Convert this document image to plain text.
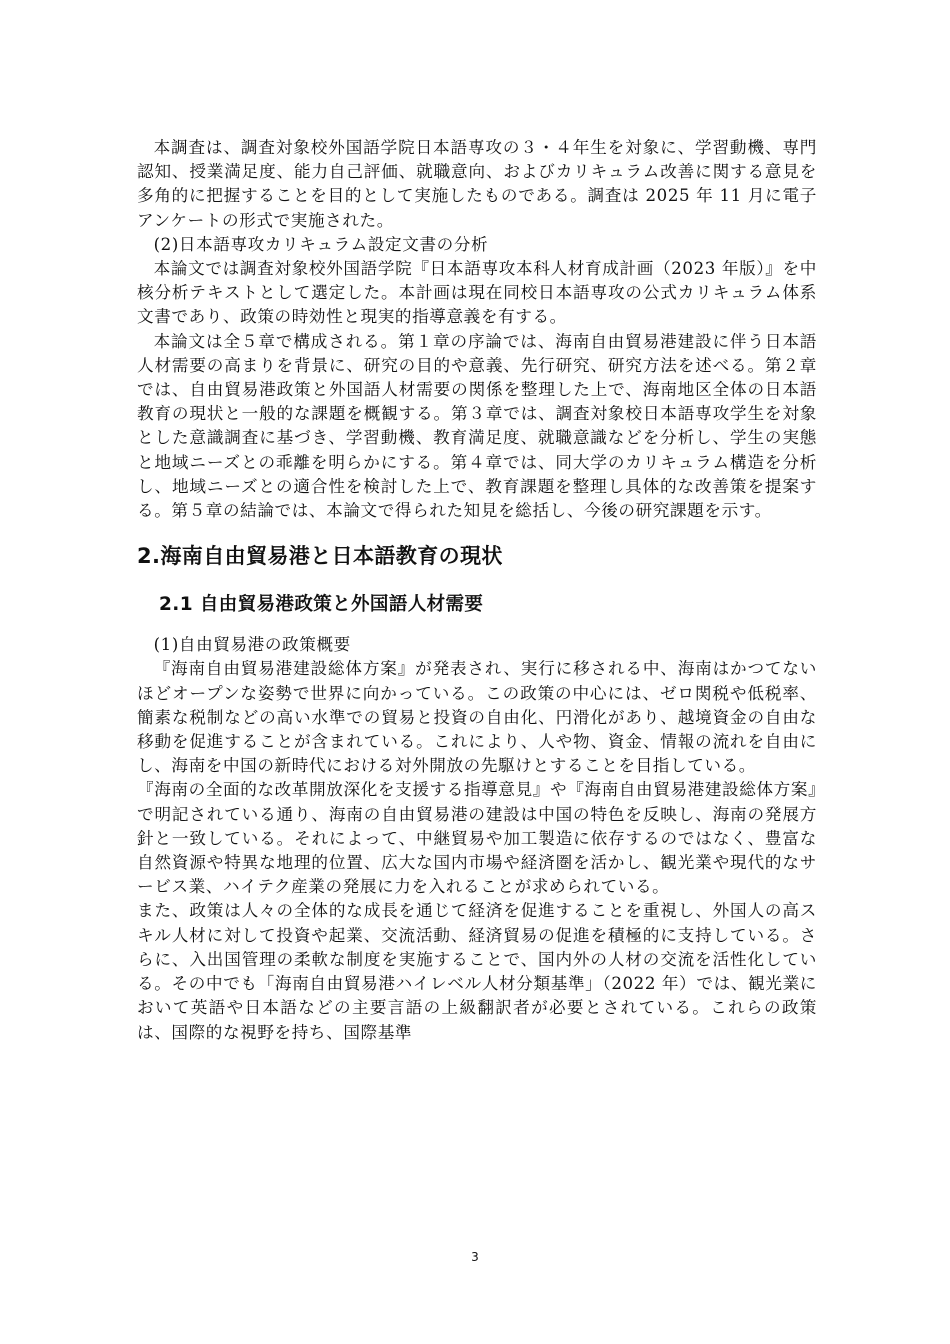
本調査は、調査対象校外国語学院日本語専攻の３・４年生を対象に、学習動機、専門認知、授業満足度、能力自己評価、就職意向、およびカリキュラム改善に関する意見を多角的に把握することを目的として実施したものである。調査は 2025 年 11 月に電子アンケートの形式で実施された。

(2)日本語専攻カリキュラム設定文書の分析

本論文では調査対象校外国語学院『日本語専攻本科人材育成計画（2023 年版）』を中核分析テキストとして選定した。本計画は現在同校日本語専攻の公式カリキュラム体系文書であり、政策の時効性と現実的指導意義を有する。

本論文は全５章で構成される。第１章の序論では、海南自由貿易港建設に伴う日本語人材需要の高まりを背景に、研究の目的や意義、先行研究、研究方法を述べる。第２章では、自由貿易港政策と外国語人材需要の関係を整理した上で、海南地区全体の日本語教育の現状と一般的な課題を概観する。第３章では、調査対象校日本語専攻学生を対象とした意識調査に基づき、学習動機、教育満足度、就職意識などを分析し、学生の実態と地域ニーズとの乖離を明らかにする。第４章では、同大学のカリキュラム構造を分析し、地域ニーズとの適合性を検討した上で、教育課題を整理し具体的な改善策を提案する。第５章の結論では、本論文で得られた知見を総括し、今後の研究課題を示す。

2.海南自由貿易港と日本語教育の現状
2.1 自由貿易港政策と外国語人材需要

(1)自由貿易港の政策概要

『海南自由貿易港建設総体方案』が発表され、実行に移される中、海南はかつてないほどオープンな姿勢で世界に向かっている。この政策の中心には、ゼロ関税や低税率、簡素な税制などの高い水準での貿易と投資の自由化、円滑化があり、越境資金の自由な移動を促進することが含まれている。これにより、人や物、資金、情報の流れを自由にし、海南を中国の新時代における対外開放の先駆けとすることを目指している。

『海南の全面的な改革開放深化を支援する指導意見』や『海南自由貿易港建設総体方案』で明記されている通り、海南の自由貿易港の建設は中国の特色を反映し、海南の発展方針と一致している。それによって、中継貿易や加工製造に依存するのではなく、豊富な自然資源や特異な地理的位置、広大な国内市場や経済圏を活かし、観光業や現代的なサービス業、ハイテク産業の発展に力を入れることが求められている。

また、政策は人々の全体的な成長を通じて経済を促進することを重視し、外国人の高スキル人材に対して投資や起業、交流活動、経済貿易の促進を積極的に支持している。さらに、入出国管理の柔軟な制度を実施することで、国内外の人材の交流を活性化している。その中でも「海南自由貿易港ハイレベル人材分類基準」（2022 年）では、観光業において英語や日本語などの主要言語の上級翻訳者が必要とされている。これらの政策は、国際的な視野を持ち、国際基準

3
